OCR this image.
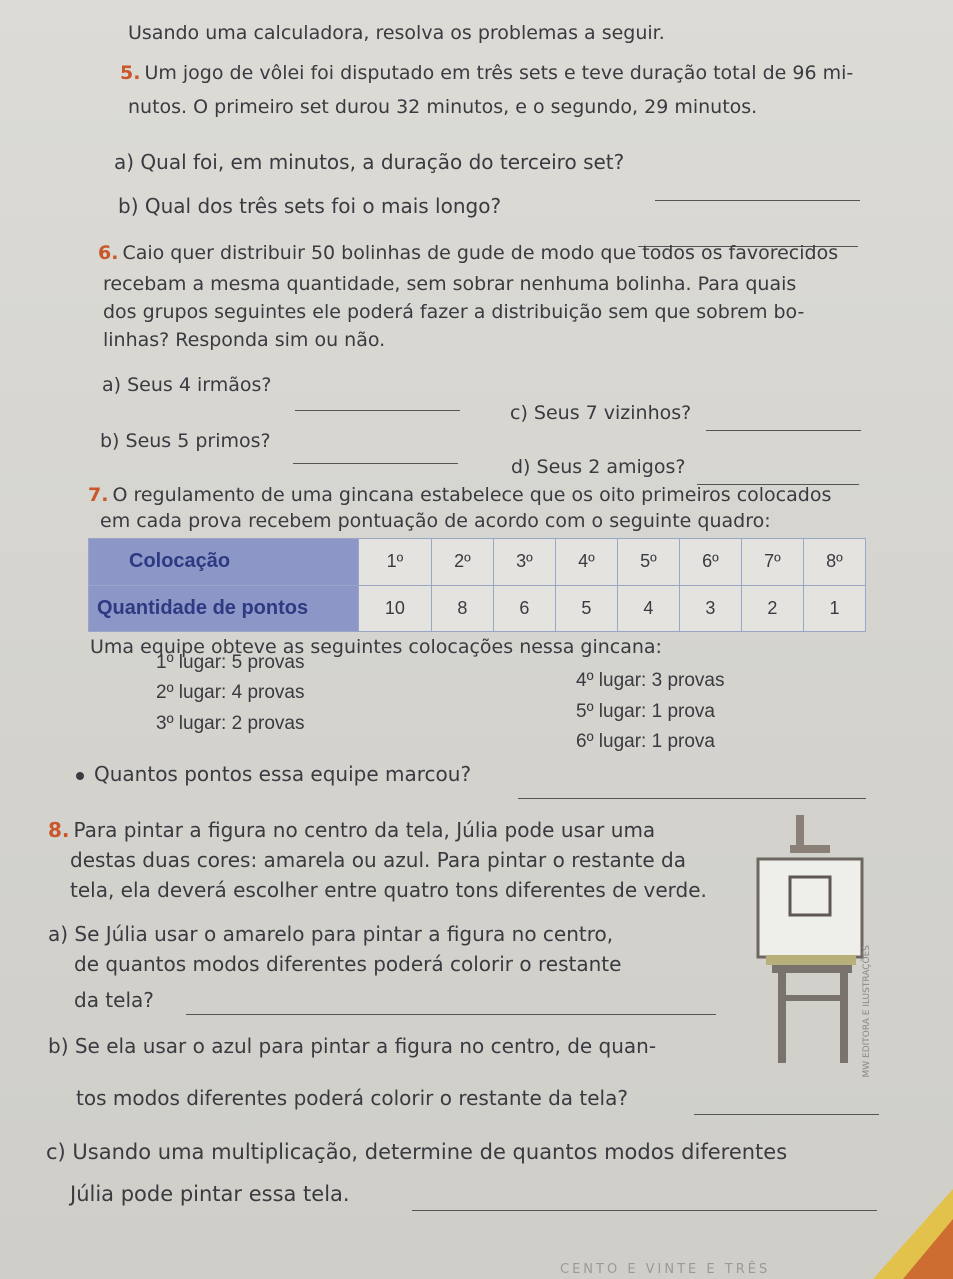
Usando uma calculadora, resolva os problemas a seguir.
5. Um jogo de vôlei foi disputado em três sets e teve duração total de 96 mi-
nutos. O primeiro set durou 32 minutos, e o segundo, 29 minutos.
a) Qual foi, em minutos, a duração do terceiro set?
b) Qual dos três sets foi o mais longo?
6. Caio quer distribuir 50 bolinhas de gude de modo que todos os favorecidos
recebam a mesma quantidade, sem sobrar nenhuma bolinha. Para quais
dos grupos seguintes ele poderá fazer a distribuição sem que sobrem bo-
linhas? Responda sim ou não.
a) Seus 4 irmãos?
c) Seus 7 vizinhos?
b) Seus 5 primos?
d) Seus 2 amigos?
7. O regulamento de uma gincana estabelece que os oito primeiros colocados
em cada prova recebem pontuação de acordo com o seguinte quadro:
Colocação	1º	2º	3º	4º	5º	6º	7º	8º
Quantidade de pontos	10	8	6	5	4	3	2	1
Uma equipe obteve as seguintes colocações nessa gincana:
1º lugar: 5 provas
2º lugar: 4 provas
3º lugar: 2 provas
4º lugar: 3 provas
5º lugar: 1 prova
6º lugar: 1 prova
Quantos pontos essa equipe marcou?
8. Para pintar a figura no centro da tela, Júlia pode usar uma
destas duas cores: amarela ou azul. Para pintar o restante da
tela, ela deverá escolher entre quatro tons diferentes de verde.
a) Se Júlia usar o amarelo para pintar a figura no centro,
de quantos modos diferentes poderá colorir o restante
da tela?
b) Se ela usar o azul para pintar a figura no centro, de quan-
tos modos diferentes poderá colorir o restante da tela?
c) Usando uma multiplicação, determine de quantos modos diferentes
Júlia pode pintar essa tela.
MW EDITORA E ILUSTRAÇÕES
CENTO E VINTE E TRÊS
